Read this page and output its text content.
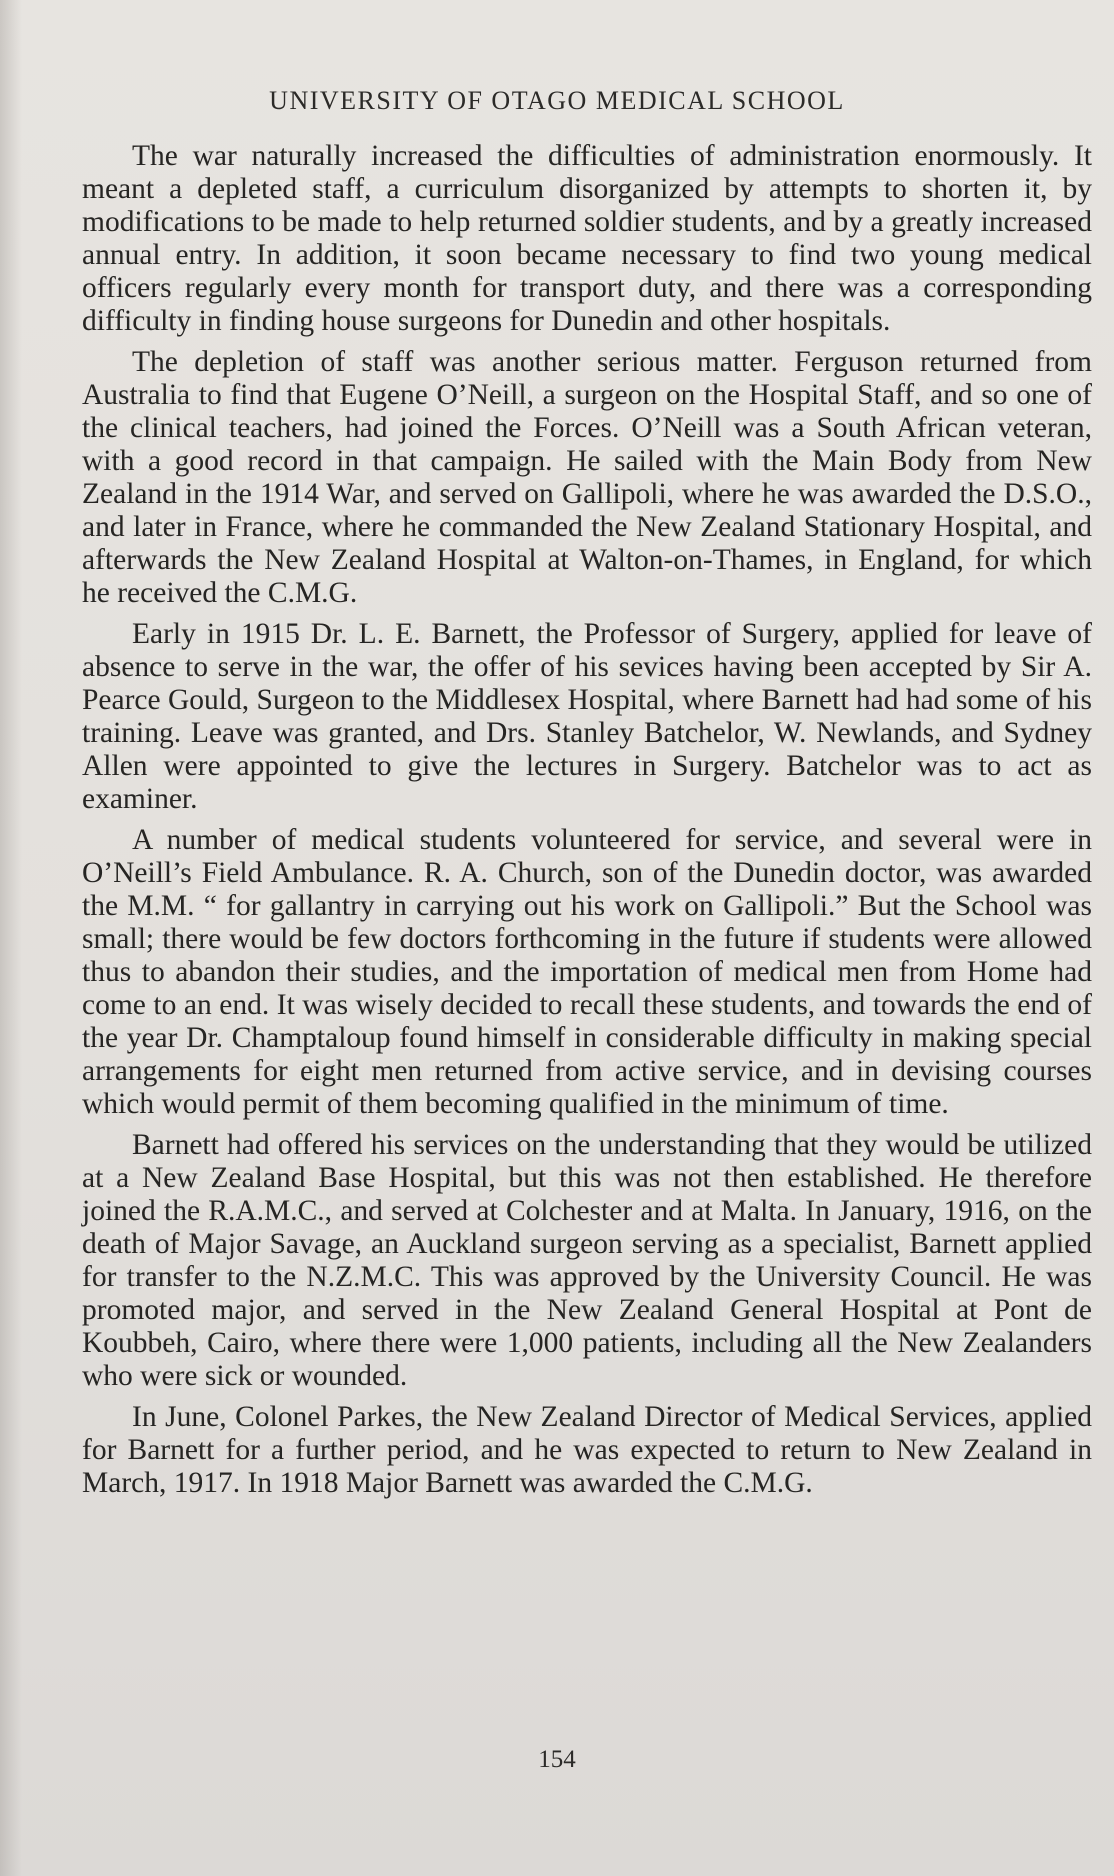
UNIVERSITY OF OTAGO MEDICAL SCHOOL

The war naturally increased the difficulties of administration enormously. It meant a depleted staff, a curriculum disorganized by attempts to shorten it, by modifications to be made to help returned soldier students, and by a greatly increased annual entry. In addition, it soon became necessary to find two young medical officers regularly every month for transport duty, and there was a corresponding difficulty in finding house surgeons for Dunedin and other hospitals.

The depletion of staff was another serious matter. Ferguson returned from Australia to find that Eugene O’Neill, a surgeon on the Hospital Staff, and so one of the clinical teachers, had joined the Forces. O’Neill was a South African veteran, with a good record in that campaign. He sailed with the Main Body from New Zealand in the 1914 War, and served on Gallipoli, where he was awarded the D.S.O., and later in France, where he commanded the New Zealand Stationary Hospital, and afterwards the New Zealand Hospital at Walton-on-Thames, in England, for which he received the C.M.G.

Early in 1915 Dr. L. E. Barnett, the Professor of Surgery, applied for leave of absence to serve in the war, the offer of his sevices having been accepted by Sir A. Pearce Gould, Surgeon to the Middlesex Hospital, where Barnett had had some of his training. Leave was granted, and Drs. Stanley Batchelor, W. Newlands, and Sydney Allen were appointed to give the lectures in Surgery. Batchelor was to act as examiner.

A number of medical students volunteered for service, and several were in O’Neill’s Field Ambulance. R. A. Church, son of the Dunedin doctor, was awarded the M.M. “ for gallantry in carrying out his work on Gallipoli.” But the School was small; there would be few doctors forthcoming in the future if students were allowed thus to abandon their studies, and the importation of medical men from Home had come to an end. It was wisely decided to recall these students, and towards the end of the year Dr. Champtaloup found himself in considerable difficulty in making special arrangements for eight men returned from active service, and in devising courses which would permit of them becoming qualified in the minimum of time.

Barnett had offered his services on the understanding that they would be utilized at a New Zealand Base Hospital, but this was not then established. He therefore joined the R.A.M.C., and served at Colchester and at Malta. In January, 1916, on the death of Major Savage, an Auckland surgeon serving as a specialist, Barnett applied for transfer to the N.Z.M.C. This was approved by the University Council. He was promoted major, and served in the New Zealand General Hospital at Pont de Koubbeh, Cairo, where there were 1,000 patients, including all the New Zealanders who were sick or wounded.

In June, Colonel Parkes, the New Zealand Director of Medical Services, applied for Barnett for a further period, and he was expected to return to New Zealand in March, 1917. In 1918 Major Barnett was awarded the C.M.G.

154
